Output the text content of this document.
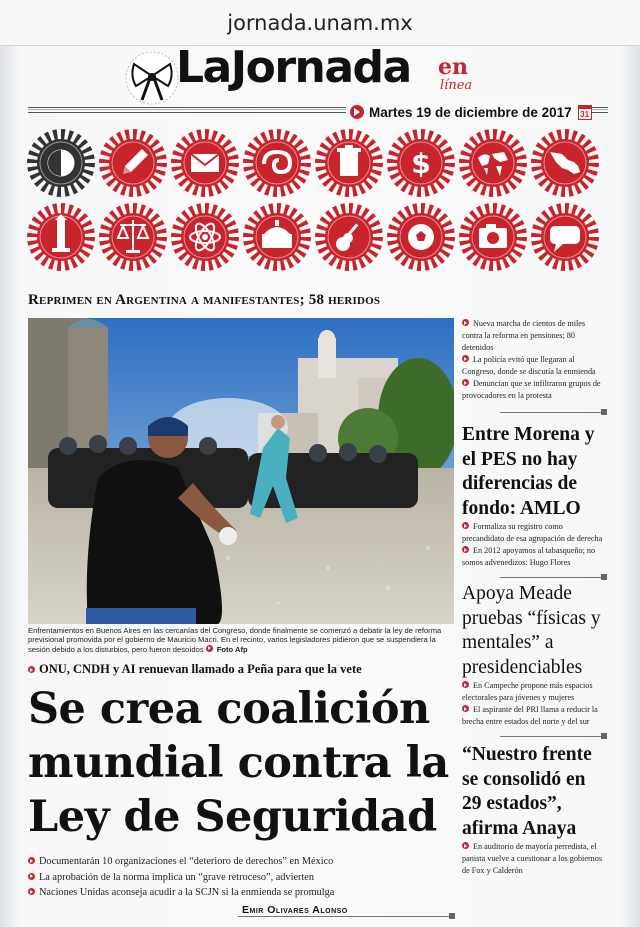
jornada.unam.mx
LaJornada en
línea
Martes 19 de diciembre de 2017	31
$
Reprimen en Argentina a manifestantes; 58 heridos
Enfrentamientos en Buenos Aires en las cercanías del Congreso, donde finalmente se comenzó a debatir la ley de reforma previsional promovida por el gobierno de Mauricio Macri. En el recinto, varios legisladores pidieron que se suspendiera la sesión debido a los disturbios, pero fueron desoídos Foto Afp
ONU, CNDH y AI renuevan llamado a Peña para que la vete
Se crea coalición mundial contra la Ley de Seguridad
Documentarán 10 organizaciones el “deterioro de derechos” en México
La aprobación de la norma implica un “grave retroceso”, advierten
Naciones Unidas aconseja acudir a la SCJN si la enmienda se promulga
Emir Olivares Alonso
Nueva marcha de cientos de miles contra la reforma en pensiones; 80 detenidos
La policía evitó que llegaran al Congreso, donde se discutía la enmienda
Denuncian que se infiltraron grupos de provocadores en la protesta
Entre Morena y el PES no hay diferencias de fondo: AMLO
Formaliza su registro como precandidato de esa agrupación de derecha
En 2012 apoyamos al tabasqueño; no somos advenedizos: Hugo Flores
Apoya Meade pruebas “físicas y mentales” a presidenciables
En Campeche propone más espacios electorales para jóvenes y mujeres
El aspirante del PRI llama a reducir la brecha entre estados del norte y del sur
“Nuestro frente se consolidó en 29 estados”, afirma Anaya
En auditorio de mayoría perredista, el panista vuelve a cuestionar a los gobiernos de Fox y Calderón
